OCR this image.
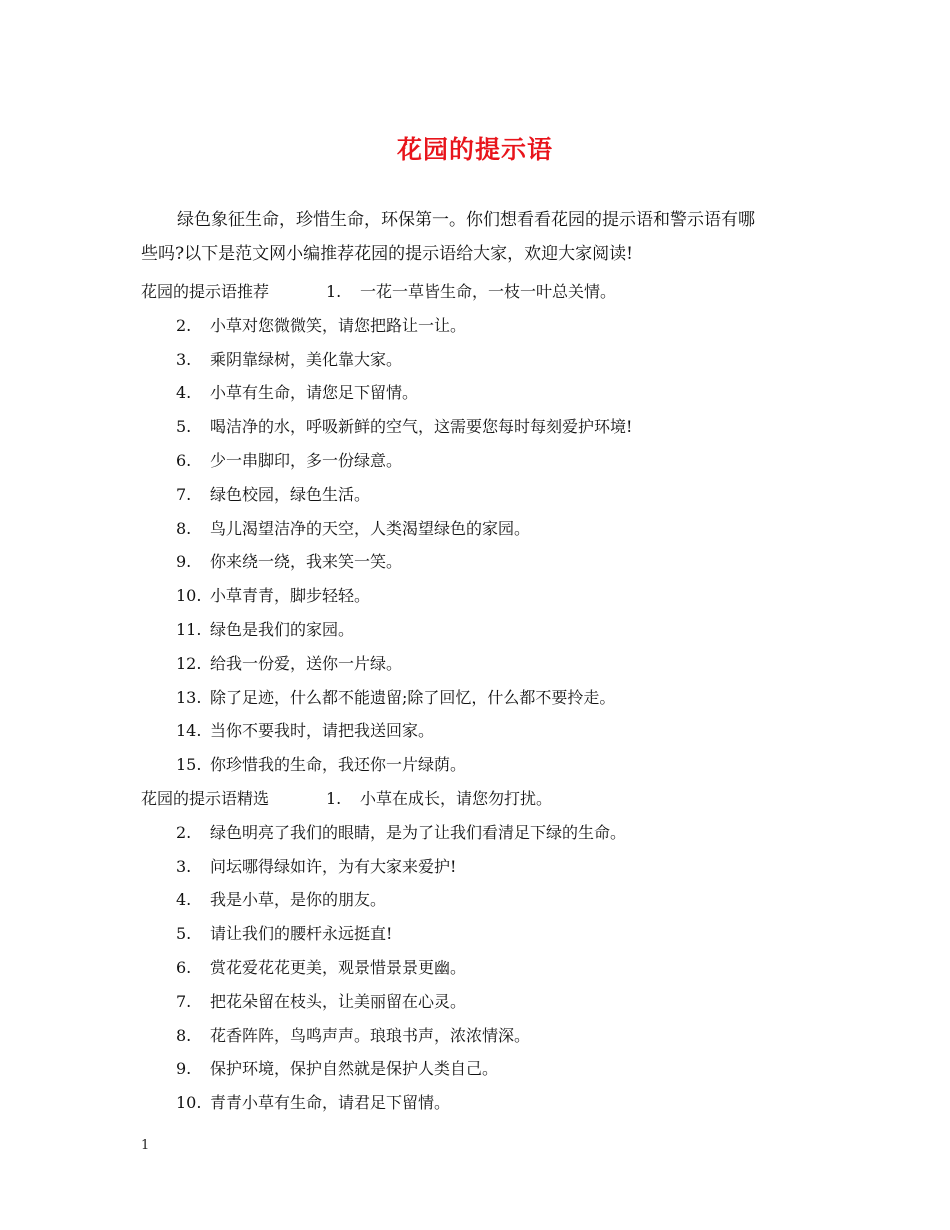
花园的提示语

绿色象征生命，珍惜生命，环保第一。你们想看看花园的提示语和警示语有哪

些吗?以下是范文网小编推荐花园的提示语给大家，欢迎大家阅读!

花园的提示语推荐	1. 一花一草皆生命，一枝一叶总关情。
2. 小草对您微微笑，请您把路让一让。
3. 乘阴靠绿树，美化靠大家。
4. 小草有生命，请您足下留情。
5. 喝洁净的水，呼吸新鲜的空气，这需要您每时每刻爱护环境!
6. 少一串脚印，多一份绿意。
7. 绿色校园，绿色生活。
8. 鸟儿渴望洁净的天空，人类渴望绿色的家园。
9. 你来绕一绕，我来笑一笑。
10. 小草青青，脚步轻轻。
11. 绿色是我们的家园。
12. 给我一份爱，送你一片绿。
13. 除了足迹，什么都不能遗留;除了回忆，什么都不要拎走。
14. 当你不要我时，请把我送回家。
15. 你珍惜我的生命，我还你一片绿荫。
花园的提示语精选	1. 小草在成长，请您勿打扰。
2. 绿色明亮了我们的眼睛，是为了让我们看清足下绿的生命。
3. 问坛哪得绿如许，为有大家来爱护!
4. 我是小草，是你的朋友。
5. 请让我们的腰杆永远挺直!
6. 赏花爱花花更美，观景惜景景更幽。
7. 把花朵留在枝头，让美丽留在心灵。
8. 花香阵阵，鸟鸣声声。琅琅书声，浓浓情深。
9. 保护环境，保护自然就是保护人类自己。
10. 青青小草有生命，请君足下留情。
1
